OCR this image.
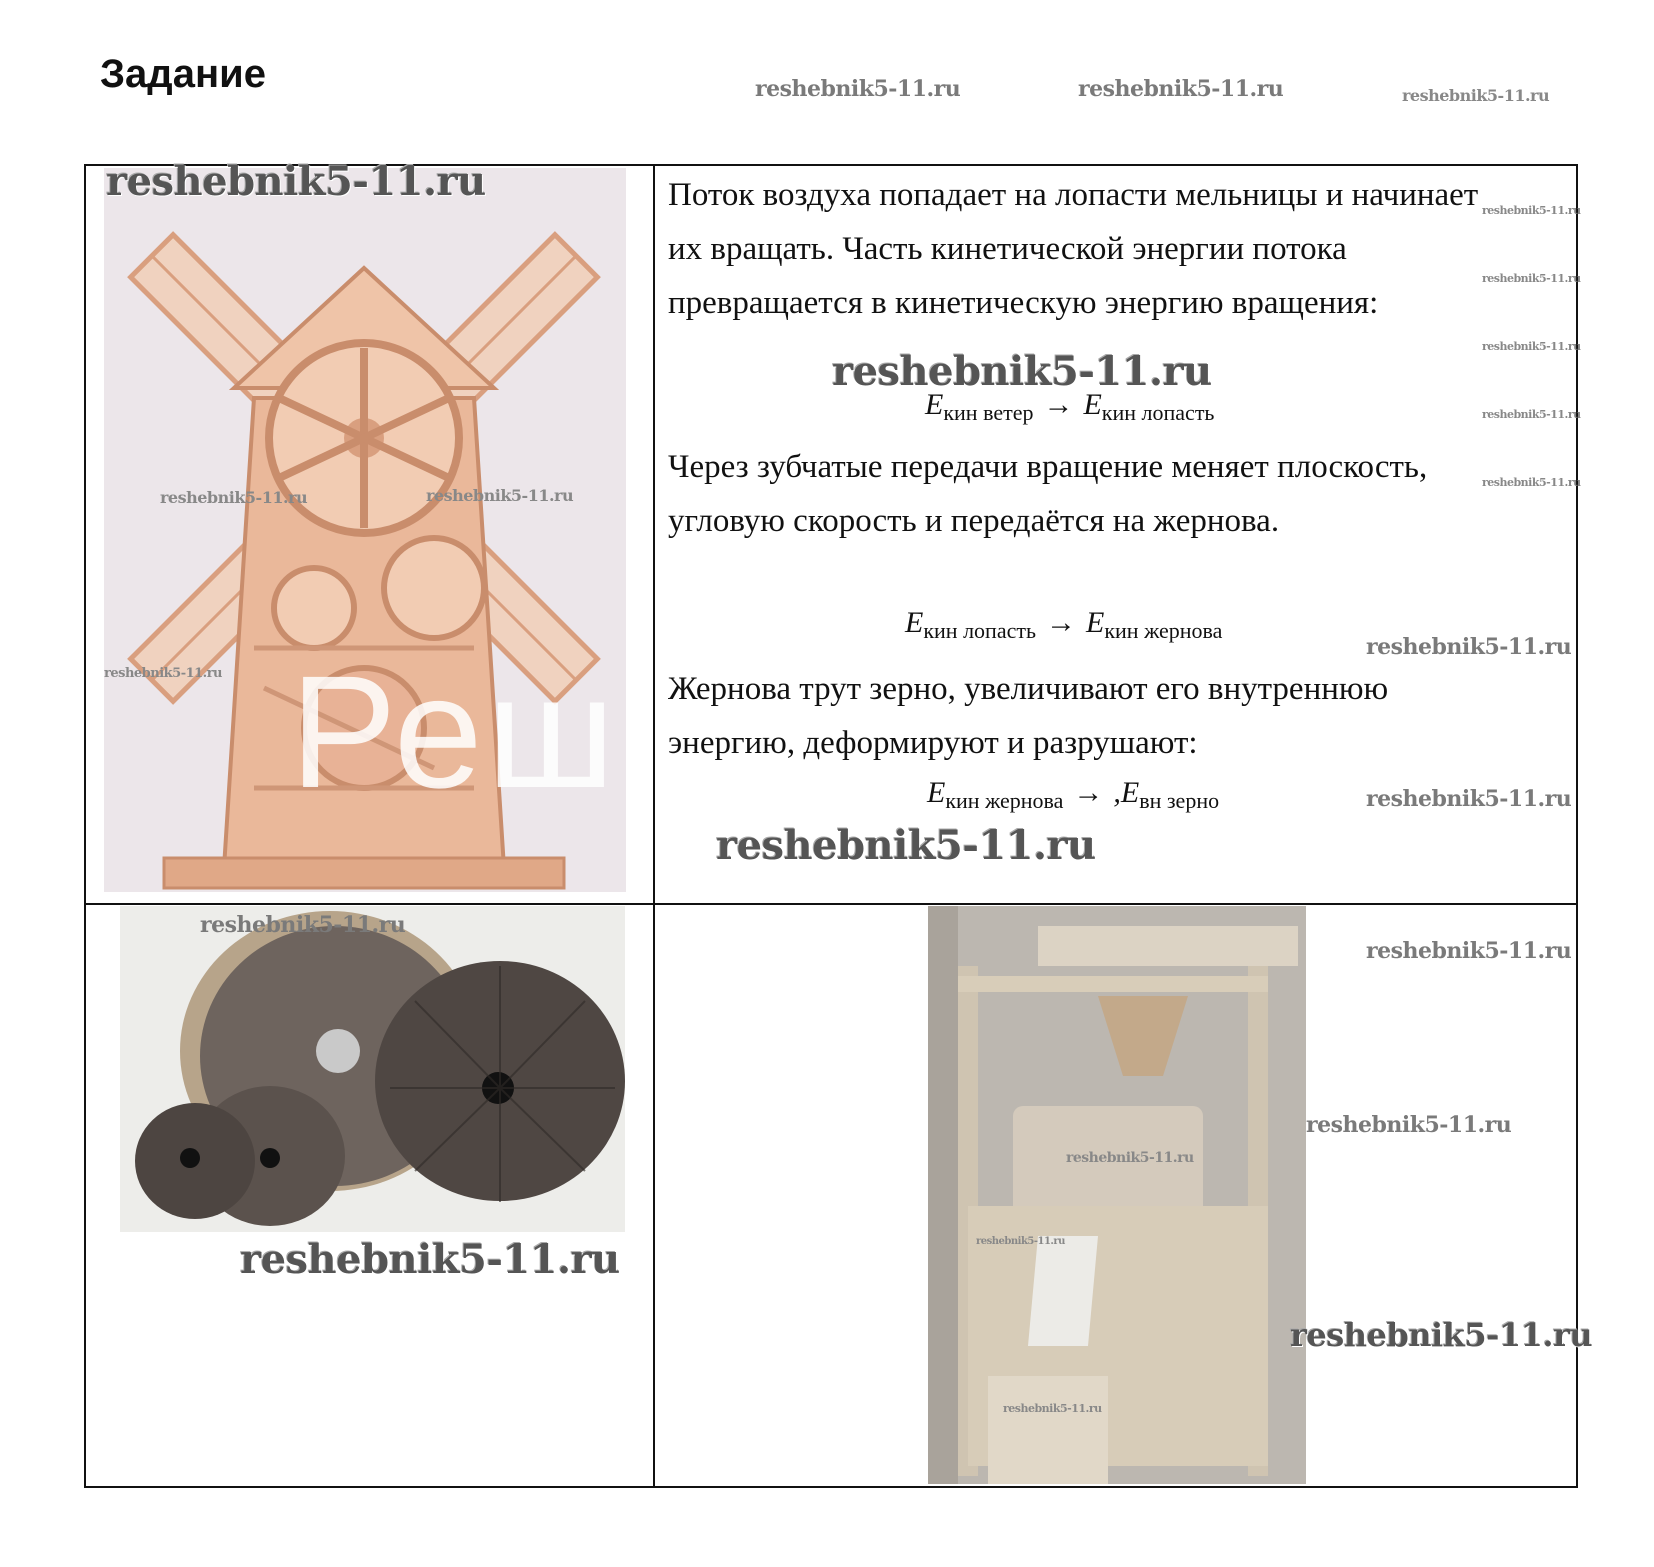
Задание	reshebnik5-11.ru	reshebnik5-11.ru	reshebnik5-11.ru
Реш
reshebnik5-11.ru
reshebnik5-11.ru	reshebnik5-11.ru
reshebnik5-11.ru
Поток воздуха попадает на лопасти мельницы и начинает их вращать. Часть кинетической энергии потока превращается в кинетическую энергию вращения:
$E_{кин ветер} \to E_{кин лопасть}$
Через зубчатые передачи вращение меняет плоскость, угловую скорость и передаётся на жернова.
$E_{кин лопасть} \to E_{кин жернова}$
Жернова трут зерно, увеличивают его внутреннюю энергию, деформируют и разрушают:
$E_{кин жернова} \to ,E_{вн зерно}$
reshebnik5-11.ru
reshebnik5-11.ru
reshebnik5-11.ru
reshebnik5-11.ru
reshebnik5-11.ru
reshebnik5-11.ru
reshebnik5-11.ru
reshebnik5-11.ru
reshebnik5-11.ru
reshebnik5-11.ru
reshebnik5-11.ru
reshebnik5-11.ru
reshebnik5-11.ru
reshebnik5-11.ru
reshebnik5-11.ru
reshebnik5-11.ru
reshebnik5-11.ru
